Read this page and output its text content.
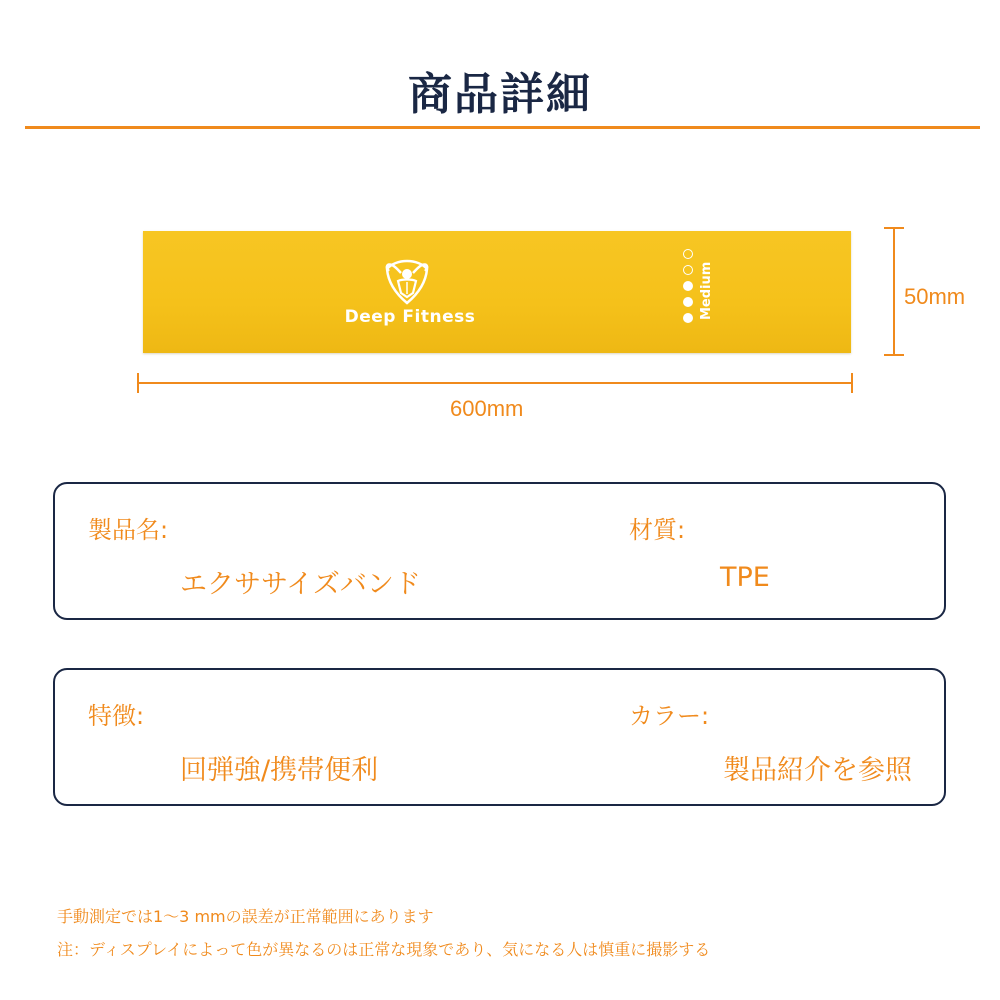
商品詳細
Deep Fitness	Medium	50mm
600mm
製品名:
エクササイズバンド
材質:
TPE
特徴:
回弾強/携帯便利
カラー:
製品紹介を参照
手動測定では1～3 mmの誤差が正常範囲にあります
注：ディスプレイによって色が異なるのは正常な現象であり、気になる人は慎重に撮影する
